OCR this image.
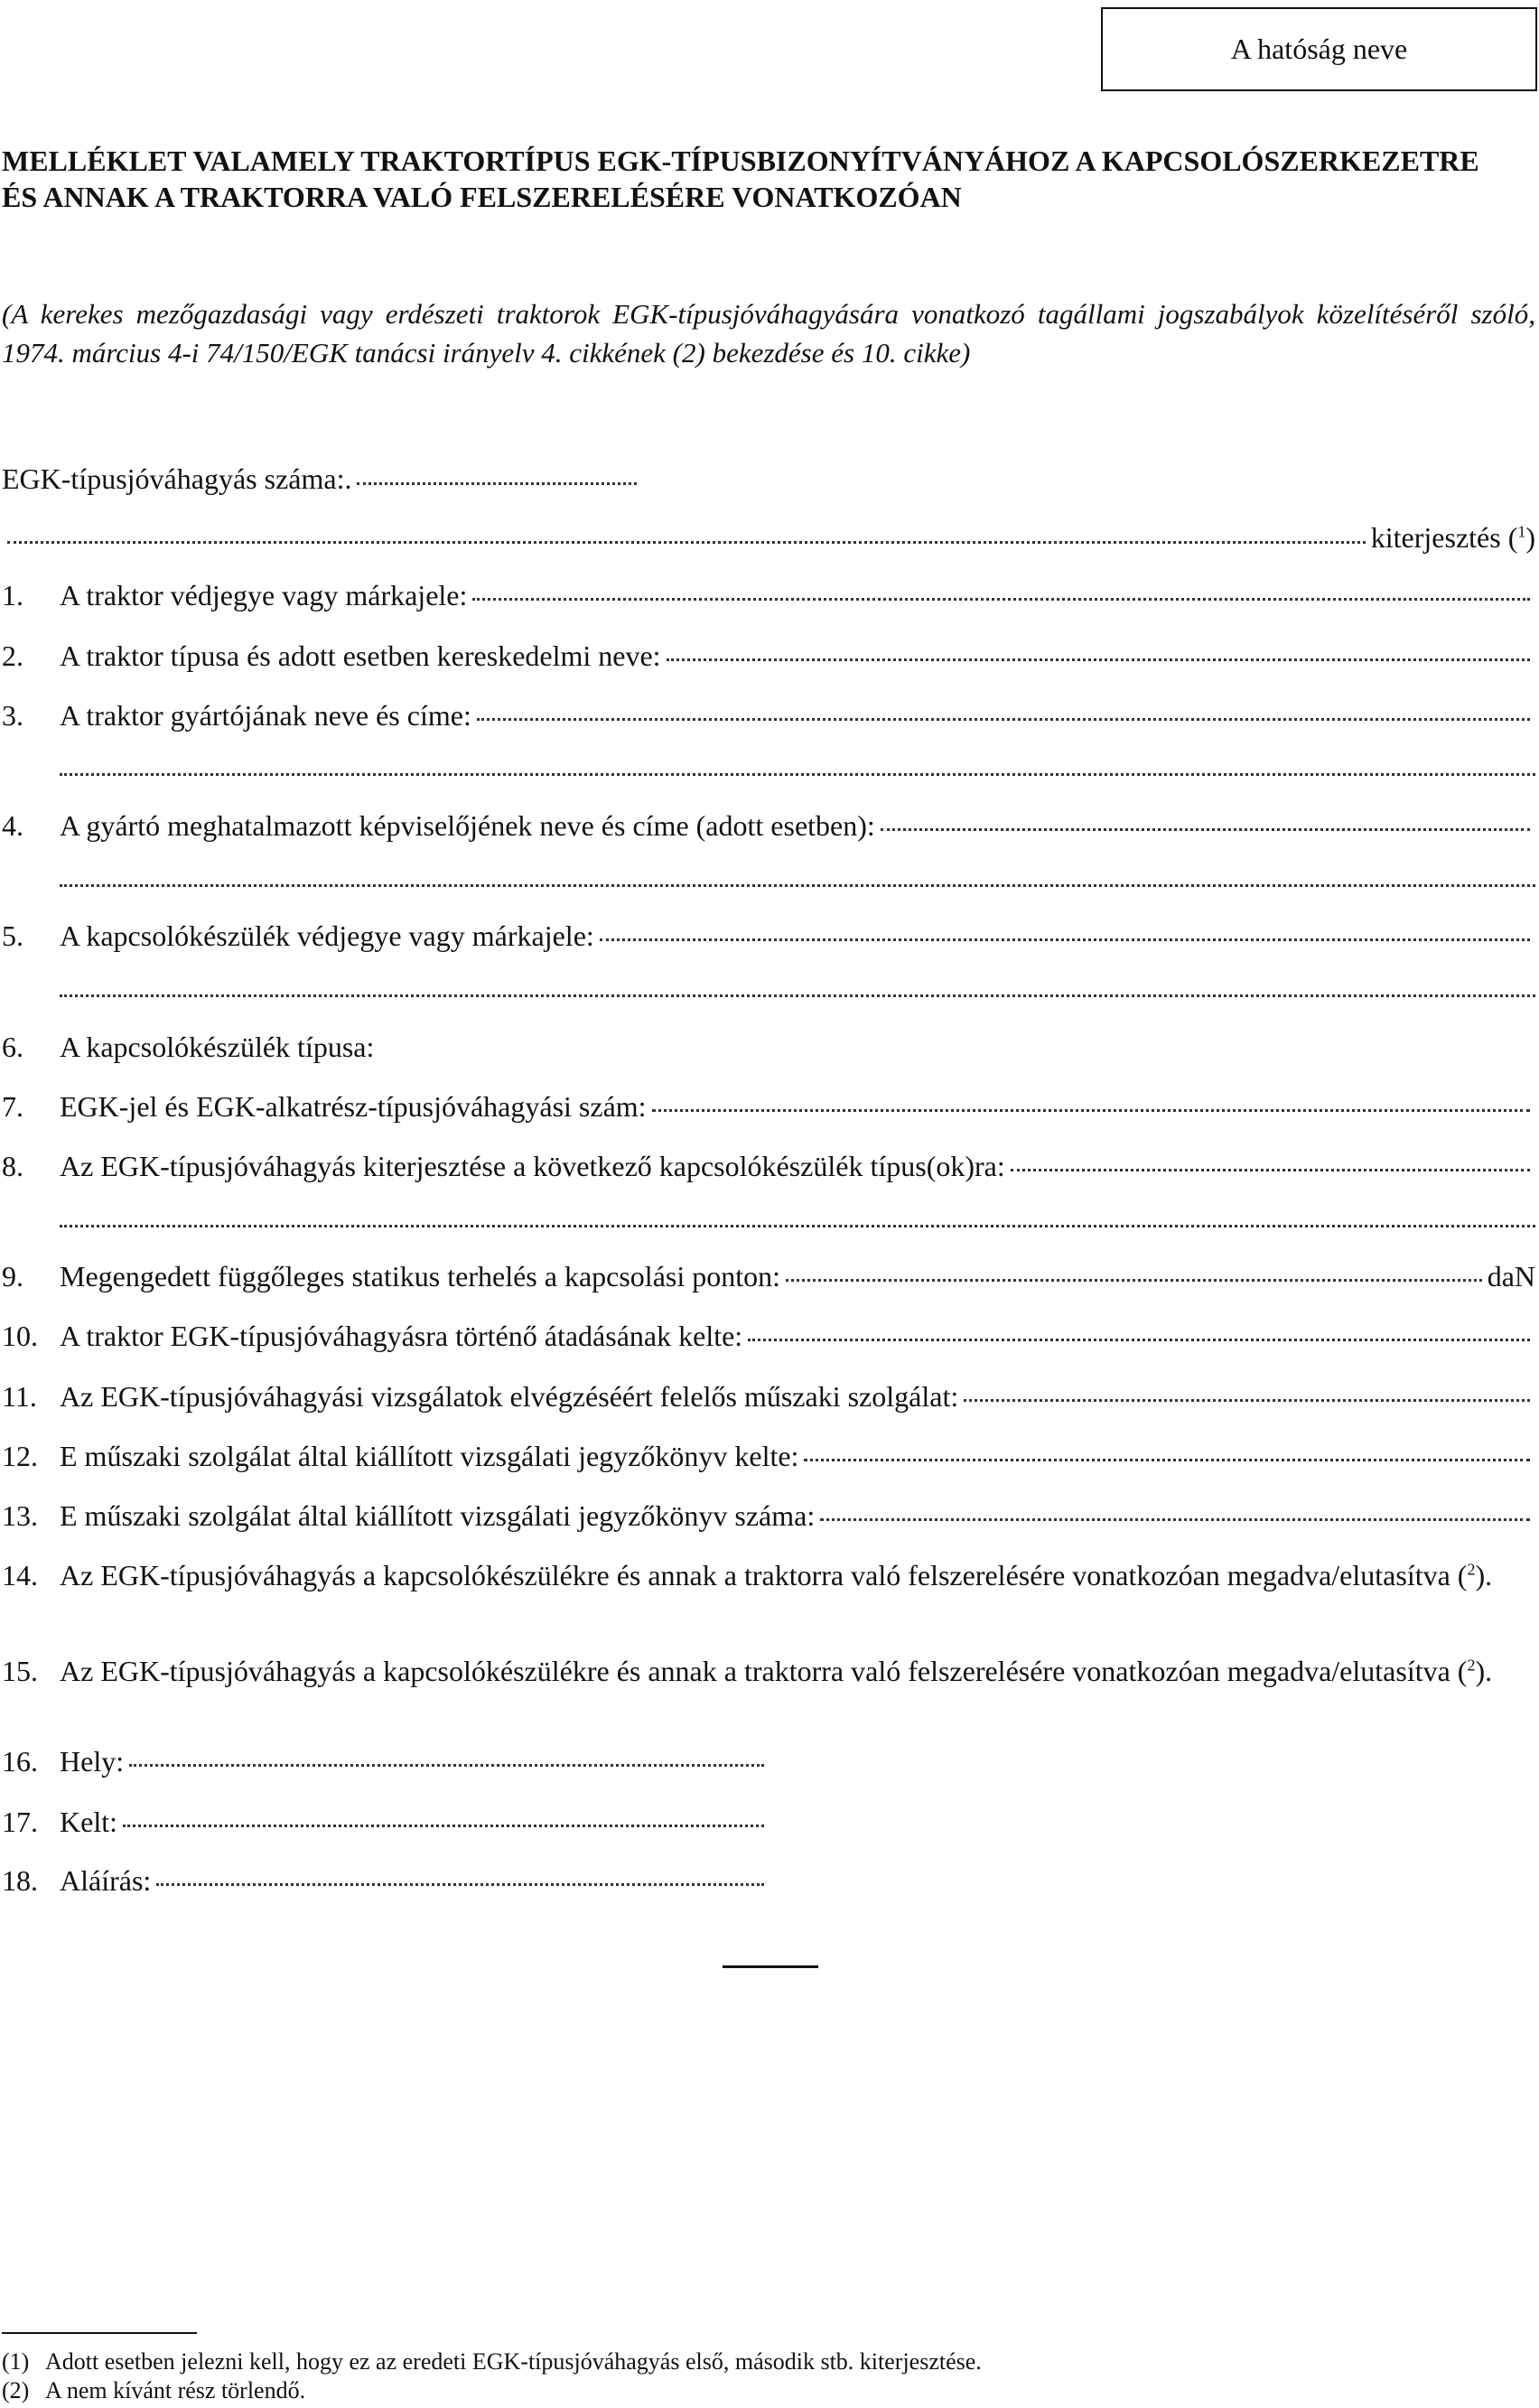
A hatóság neve
MELLÉKLET VALAMELY TRAKTORTÍPUS EGK-TÍPUSBIZONYÍTVÁNYÁHOZ A KAPCSOLÓSZERKEZETRE
ÉS ANNAK A TRAKTORRA VALÓ FELSZERELÉSÉRE VONATKOZÓAN

(A kerekes mezőgazdasági vagy erdészeti traktorok EGK-típusjóváhagyására vonatkozó tagállami jogszabályok közelítéséről szóló, 1974. március 4-i 74/150/EGK tanácsi irányelv 4. cikkének (2) bekezdése és 10. cikke)

EGK-típusjóváhagyás száma:.
kiterjesztés ($^1$)
1.	A traktor védjegye vagy márkajele:
2.	A traktor típusa és adott esetben kereskedelmi neve:
3.	A traktor gyártójának neve és címe:
4.	A gyártó meghatalmazott képviselőjének neve és címe (adott esetben):
5.	A kapcsolókészülék védjegye vagy márkajele:
6.	A kapcsolókészülék típusa:
7.	EGK-jel és EGK-alkatrész-típusjóváhagyási szám:
8.	Az EGK-típusjóváhagyás kiterjesztése a következő kapcsolókészülék típus(ok)ra:
9.	Megengedett függőleges statikus terhelés a kapcsolási ponton:	daN
10. A traktor EGK-típusjóváhagyásra történő átadásának kelte:
11. Az EGK-típusjóváhagyási vizsgálatok elvégzéséért felelős műszaki szolgálat:
12. E műszaki szolgálat által kiállított vizsgálati jegyzőkönyv kelte:
13. E műszaki szolgálat által kiállított vizsgálati jegyzőkönyv száma:
14. Az EGK-típusjóváhagyás a kapcsolókészülékre és annak a traktorra való felszerelésére vonatkozóan megadva/elutasítva ($^2$).
15. Az EGK-típusjóváhagyás a kapcsolókészülékre és annak a traktorra való felszerelésére vonatkozóan megadva/elutasítva ($^2$).
16. Hely:
17. Kelt:
18. Aláírás:
(1) Adott esetben jelezni kell, hogy ez az eredeti EGK-típusjóváhagyás első, második stb. kiterjesztése.
(2) A nem kívánt rész törlendő.
